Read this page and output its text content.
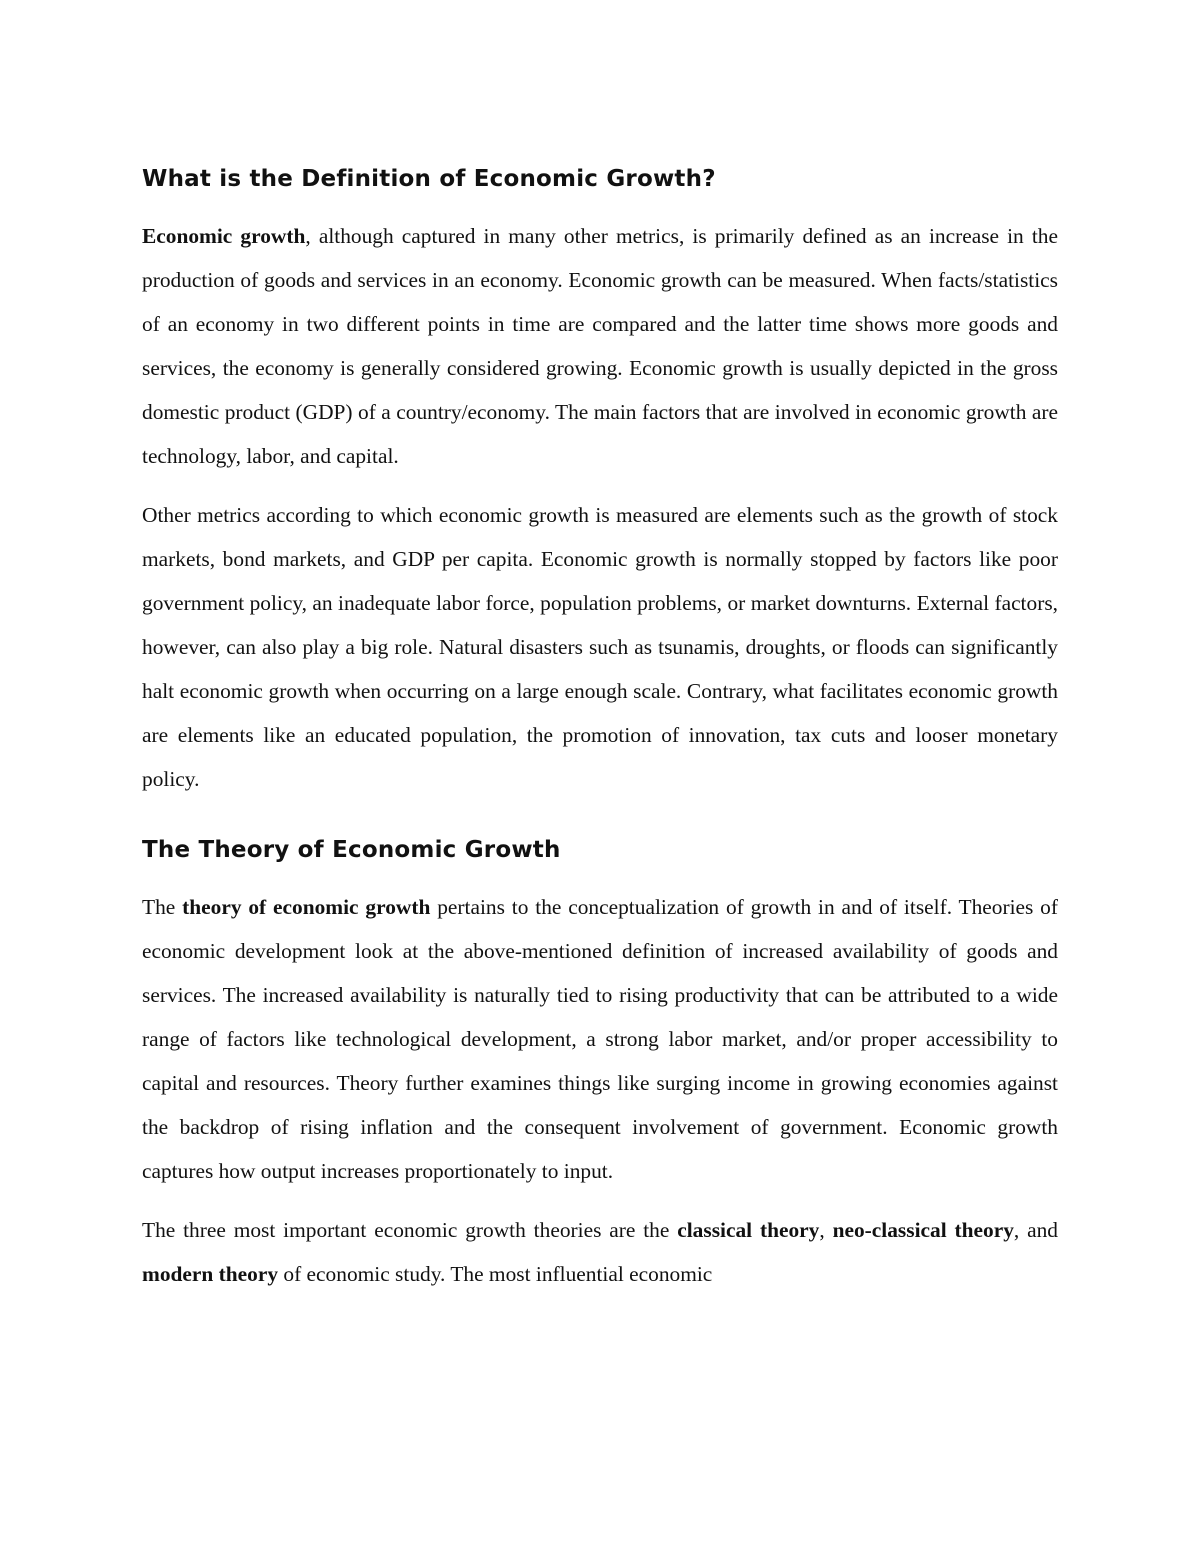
What is the Definition of Economic Growth?

Economic growth, although captured in many other metrics, is primarily defined as an increase in the production of goods and services in an economy. Economic growth can be measured. When facts/statistics of an economy in two different points in time are compared and the latter time shows more goods and services, the economy is generally considered growing. Economic growth is usually depicted in the gross domestic product (GDP) of a country/economy. The main factors that are involved in economic growth are technology, labor, and capital.

Other metrics according to which economic growth is measured are elements such as the growth of stock markets, bond markets, and GDP per capita. Economic growth is normally stopped by factors like poor government policy, an inadequate labor force, population problems, or market downturns. External factors, however, can also play a big role. Natural disasters such as tsunamis, droughts, or floods can significantly halt economic growth when occurring on a large enough scale. Contrary, what facilitates economic growth are elements like an educated population, the promotion of innovation, tax cuts and looser monetary policy.

The Theory of Economic Growth

The theory of economic growth pertains to the conceptualization of growth in and of itself. Theories of economic development look at the above-mentioned definition of increased availability of goods and services. The increased availability is naturally tied to rising productivity that can be attributed to a wide range of factors like technological development, a strong labor market, and/or proper accessibility to capital and resources. Theory further examines things like surging income in growing economies against the backdrop of rising inflation and the consequent involvement of government. Economic growth captures how output increases proportionately to input.

The three most important economic growth theories are the classical theory, neo-classical theory, and modern theory of economic study. The most influential economic
